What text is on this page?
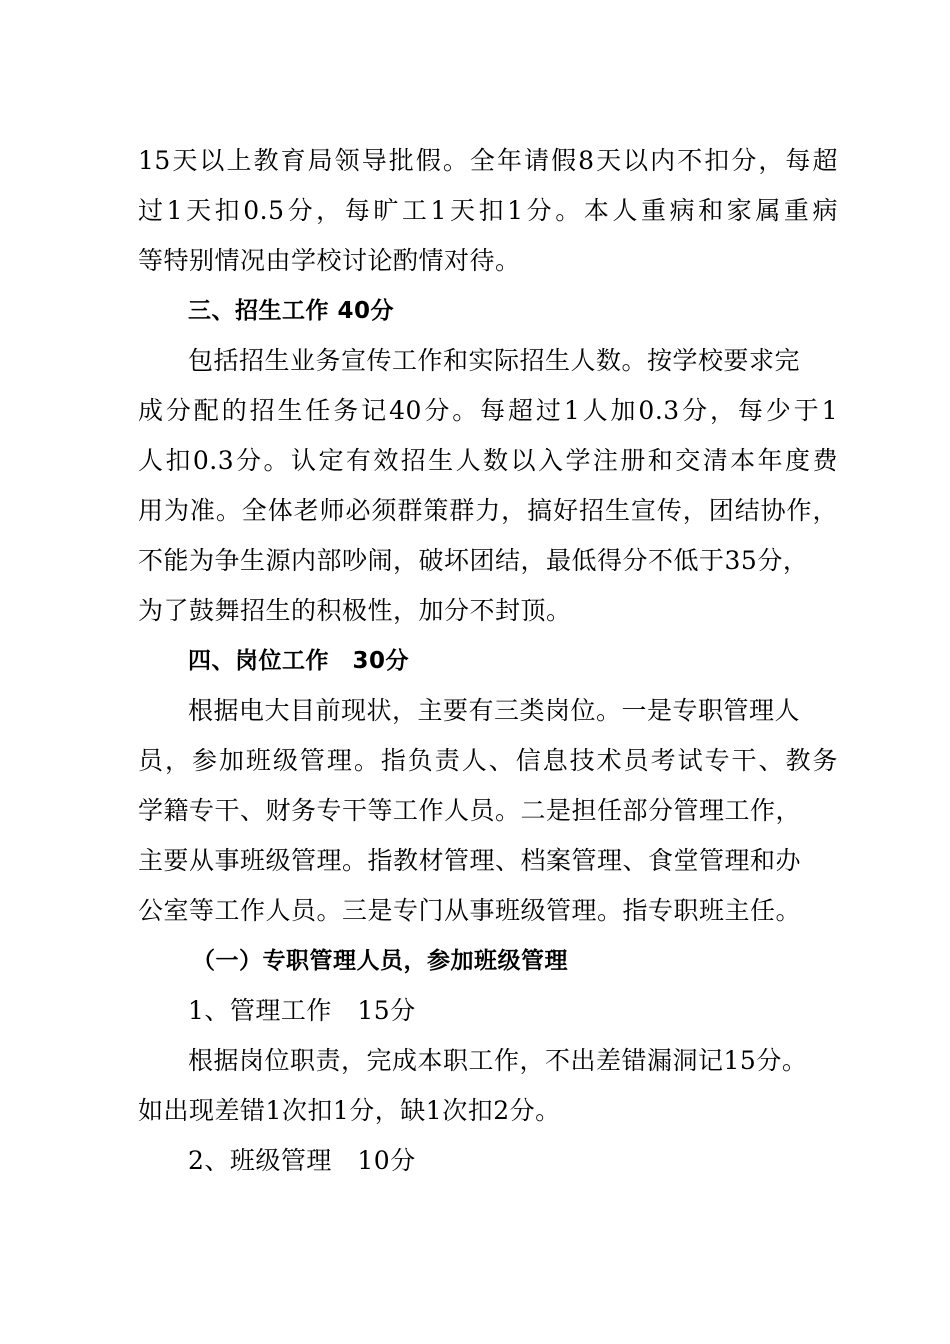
15天以上教育局领导批假。全年请假8天以内不扣分，每超
过1天扣0.5分，每旷工1天扣1分。本人重病和家属重病
等特别情况由学校讨论酌情对待。
三、招生工作 40分
包括招生业务宣传工作和实际招生人数。按学校要求完
成分配的招生任务记40分。每超过1人加0.3分，每少于1
人扣0.3分。认定有效招生人数以入学注册和交清本年度费
用为准。全体老师必须群策群力，搞好招生宣传，团结协作，
不能为争生源内部吵闹，破坏团结，最低得分不低于35分，
为了鼓舞招生的积极性，加分不封顶。
四、岗位工作　30分
根据电大目前现状，主要有三类岗位。一是专职管理人
员，参加班级管理。指负责人、信息技术员考试专干、教务
学籍专干、财务专干等工作人员。二是担任部分管理工作，
主要从事班级管理。指教材管理、档案管理、食堂管理和办
公室等工作人员。三是专门从事班级管理。指专职班主任。
（一）专职管理人员，参加班级管理
1、管理工作　15分
根据岗位职责，完成本职工作，不出差错漏洞记15分。
如出现差错1次扣1分，缺1次扣2分。
2、班级管理　10分
